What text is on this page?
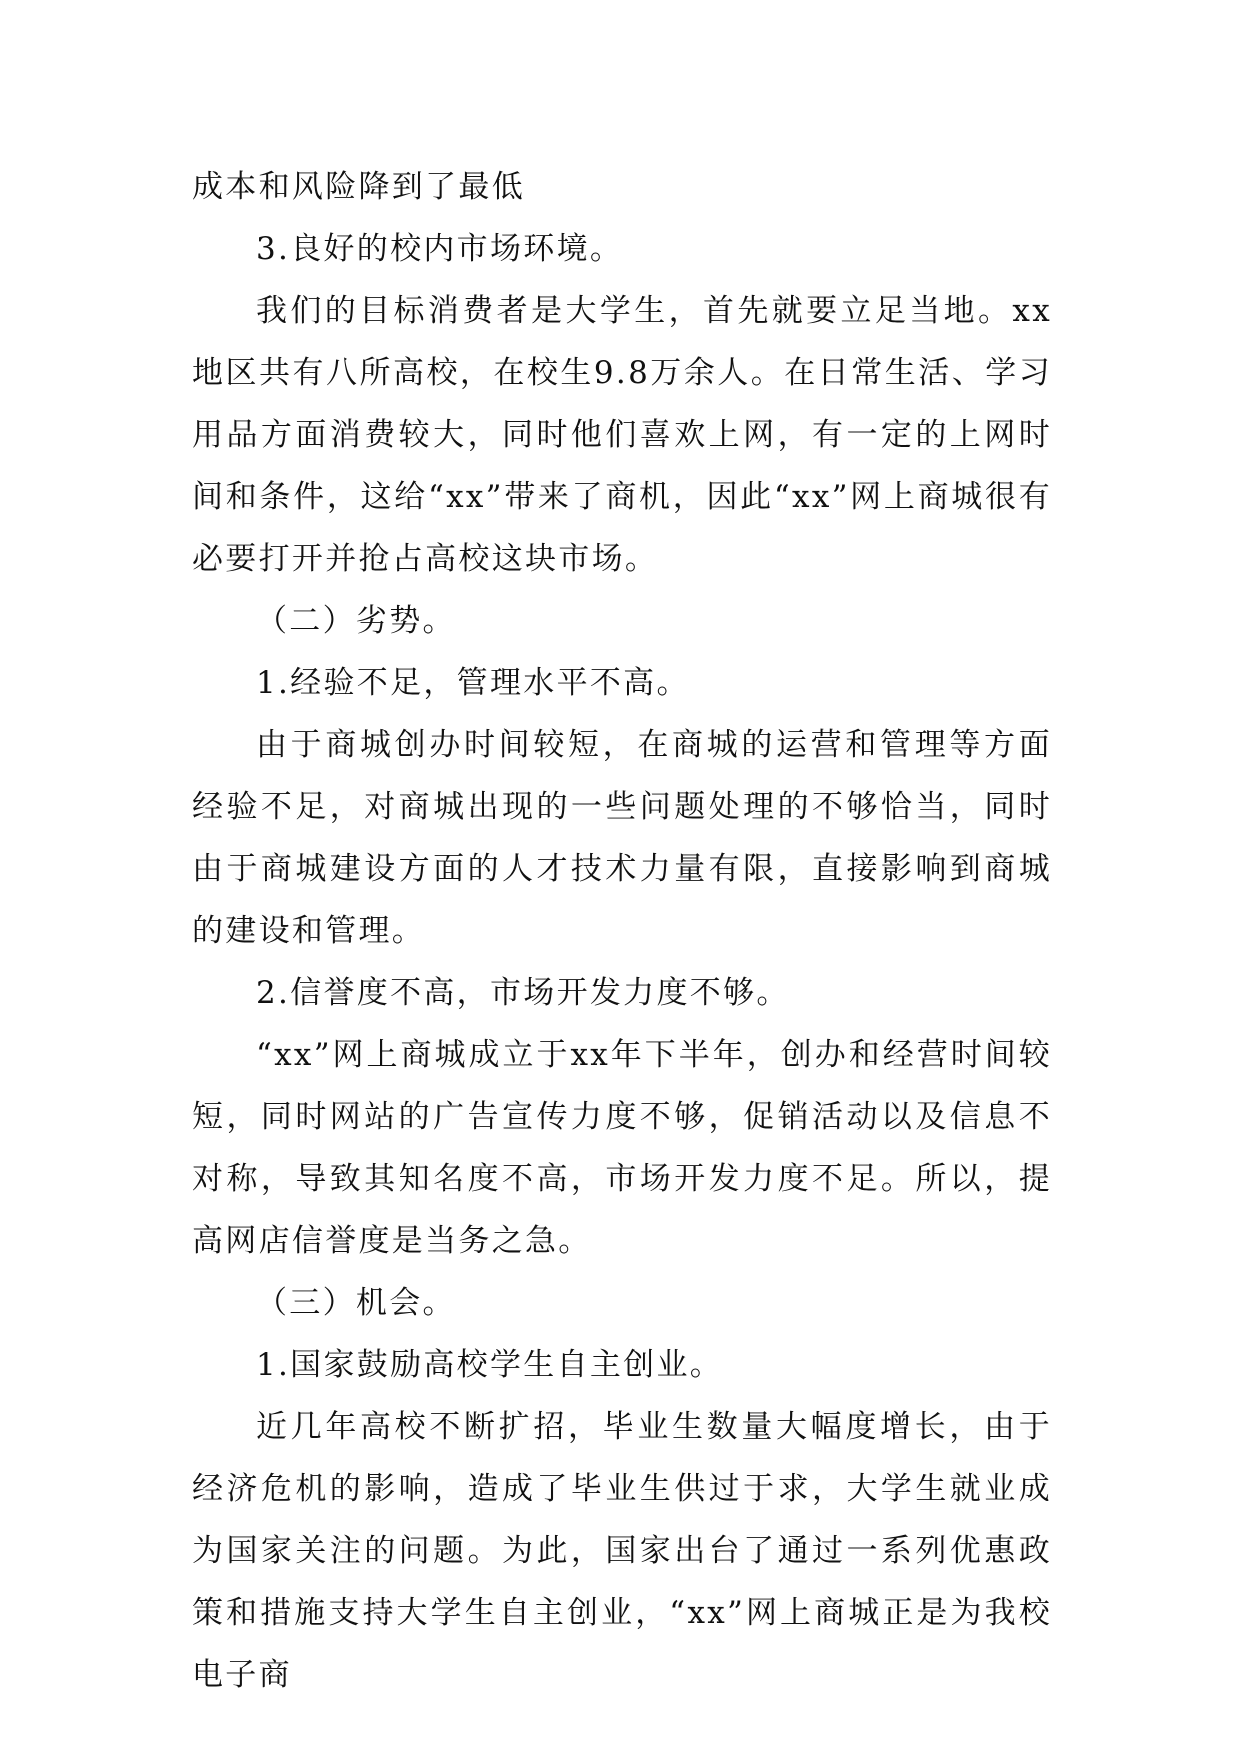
成本和风险降到了最低

3.良好的校内市场环境。

我们的目标消费者是大学生，首先就要立足当地。xx地区共有八所高校，在校生9.8万余人。在日常生活、学习用品方面消费较大，同时他们喜欢上网，有一定的上网时间和条件，这给“xx”带来了商机，因此“xx”网上商城很有必要打开并抢占高校这块市场。

（二）劣势。

1.经验不足，管理水平不高。

由于商城创办时间较短，在商城的运营和管理等方面经验不足，对商城出现的一些问题处理的不够恰当，同时由于商城建设方面的人才技术力量有限，直接影响到商城的建设和管理。

2.信誉度不高，市场开发力度不够。

“xx”网上商城成立于xx年下半年，创办和经营时间较短，同时网站的广告宣传力度不够，促销活动以及信息不对称，导致其知名度不高，市场开发力度不足。所以，提高网店信誉度是当务之急。

（三）机会。

1.国家鼓励高校学生自主创业。

近几年高校不断扩招，毕业生数量大幅度增长，由于经济危机的影响，造成了毕业生供过于求，大学生就业成为国家关注的问题。为此，国家出台了通过一系列优惠政策和措施支持大学生自主创业，“xx”网上商城正是为我校电子商
